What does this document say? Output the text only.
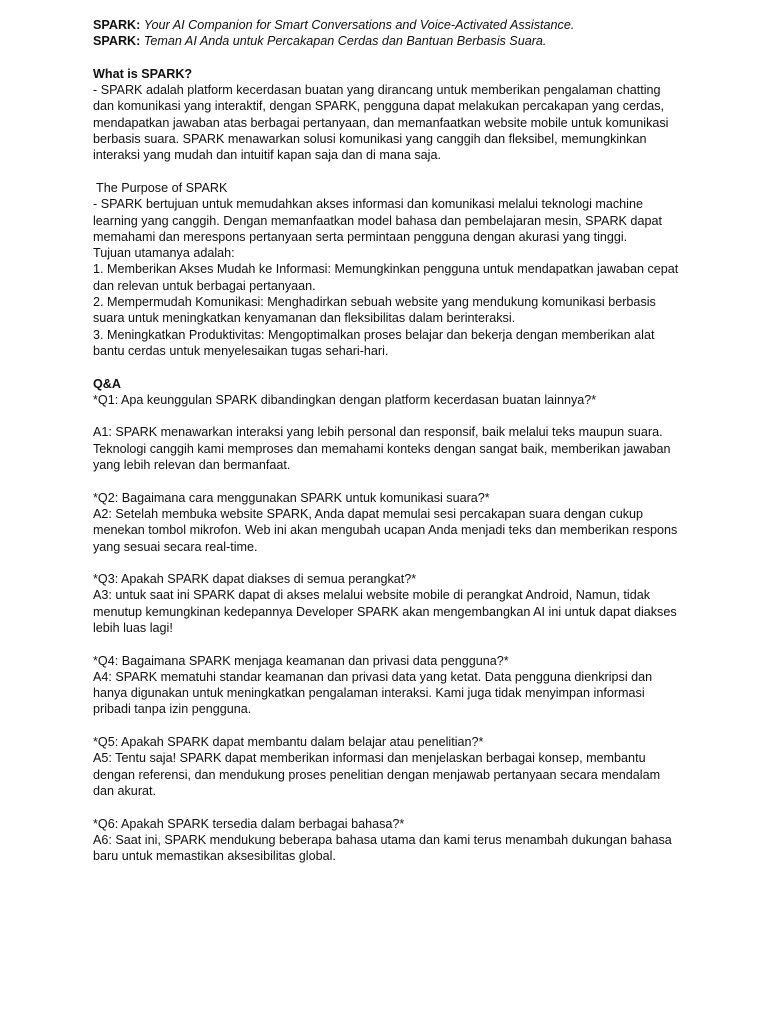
SPARK: Your AI Companion for Smart Conversations and Voice-Activated Assistance.

SPARK: Teman AI Anda untuk Percakapan Cerdas dan Bantuan Berbasis Suara.

What is SPARK?

- SPARK adalah platform kecerdasan buatan yang dirancang untuk memberikan pengalaman chatting dan komunikasi yang interaktif, dengan SPARK, pengguna dapat melakukan percakapan yang cerdas, mendapatkan jawaban atas berbagai pertanyaan, dan memanfaatkan website mobile untuk komunikasi berbasis suara. SPARK menawarkan solusi komunikasi yang canggih dan fleksibel, memungkinkan interaksi yang mudah dan intuitif kapan saja dan di mana saja.

The Purpose of SPARK

- SPARK bertujuan untuk memudahkan akses informasi dan komunikasi melalui teknologi machine learning yang canggih. Dengan memanfaatkan model bahasa dan pembelajaran mesin, SPARK dapat memahami dan merespons pertanyaan serta permintaan pengguna dengan akurasi yang tinggi.

Tujuan utamanya adalah:

1. Memberikan Akses Mudah ke Informasi: Memungkinkan pengguna untuk mendapatkan jawaban cepat dan relevan untuk berbagai pertanyaan.

2. Mempermudah Komunikasi: Menghadirkan sebuah website yang mendukung komunikasi berbasis suara untuk meningkatkan kenyamanan dan fleksibilitas dalam berinteraksi.

3. Meningkatkan Produktivitas: Mengoptimalkan proses belajar dan bekerja dengan memberikan alat bantu cerdas untuk menyelesaikan tugas sehari-hari.

Q&A

*Q1: Apa keunggulan SPARK dibandingkan dengan platform kecerdasan buatan lainnya?*

A1: SPARK menawarkan interaksi yang lebih personal dan responsif, baik melalui teks maupun suara. Teknologi canggih kami memproses dan memahami konteks dengan sangat baik, memberikan jawaban yang lebih relevan dan bermanfaat.

*Q2: Bagaimana cara menggunakan SPARK untuk komunikasi suara?*

A2: Setelah membuka website SPARK, Anda dapat memulai sesi percakapan suara dengan cukup menekan tombol mikrofon. Web ini akan mengubah ucapan Anda menjadi teks dan memberikan respons yang sesuai secara real-time.

*Q3: Apakah SPARK dapat diakses di semua perangkat?*

A3: untuk saat ini SPARK dapat di akses melalui website mobile di perangkat Android, Namun, tidak menutup kemungkinan kedepannya Developer SPARK akan mengembangkan AI ini untuk dapat diakses lebih luas lagi!

*Q4: Bagaimana SPARK menjaga keamanan dan privasi data pengguna?*

A4: SPARK mematuhi standar keamanan dan privasi data yang ketat. Data pengguna dienkripsi dan hanya digunakan untuk meningkatkan pengalaman interaksi. Kami juga tidak menyimpan informasi pribadi tanpa izin pengguna.

*Q5: Apakah SPARK dapat membantu dalam belajar atau penelitian?*

A5: Tentu saja! SPARK dapat memberikan informasi dan menjelaskan berbagai konsep, membantu dengan referensi, dan mendukung proses penelitian dengan menjawab pertanyaan secara mendalam dan akurat.

*Q6: Apakah SPARK tersedia dalam berbagai bahasa?*

A6: Saat ini, SPARK mendukung beberapa bahasa utama dan kami terus menambah dukungan bahasa baru untuk memastikan aksesibilitas global.
